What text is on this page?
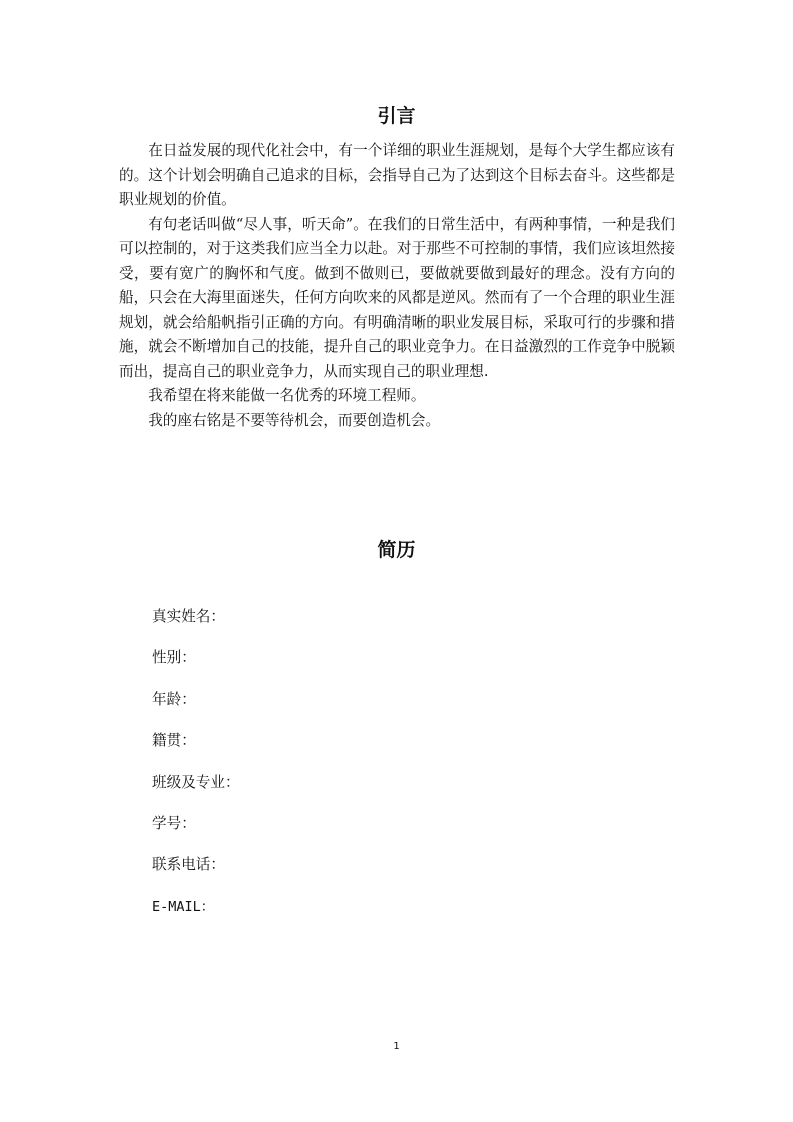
引言

在日益发展的现代化社会中，有一个详细的职业生涯规划，是每个大学生都应该有的。这个计划会明确自己追求的目标，会指导自己为了达到这个目标去奋斗。这些都是职业规划的价值。

有句老话叫做“尽人事，听天命”。在我们的日常生活中，有两种事情，一种是我们可以控制的，对于这类我们应当全力以赴。对于那些不可控制的事情，我们应该坦然接受，要有宽广的胸怀和气度。做到不做则已，要做就要做到最好的理念。没有方向的船，只会在大海里面迷失，任何方向吹来的风都是逆风。然而有了一个合理的职业生涯规划，就会给船帆指引正确的方向。有明确清晰的职业发展目标，采取可行的步骤和措施，就会不断增加自己的技能，提升自己的职业竞争力。在日益激烈的工作竞争中脱颖而出，提高自己的职业竞争力，从而实现自己的职业理想.

我希望在将来能做一名优秀的环境工程师。

我的座右铭是不要等待机会，而要创造机会。

简历
真实姓名：
性别：
年龄：
籍贯：
班级及专业：
学号：
联系电话：
E-MAIL：
1
